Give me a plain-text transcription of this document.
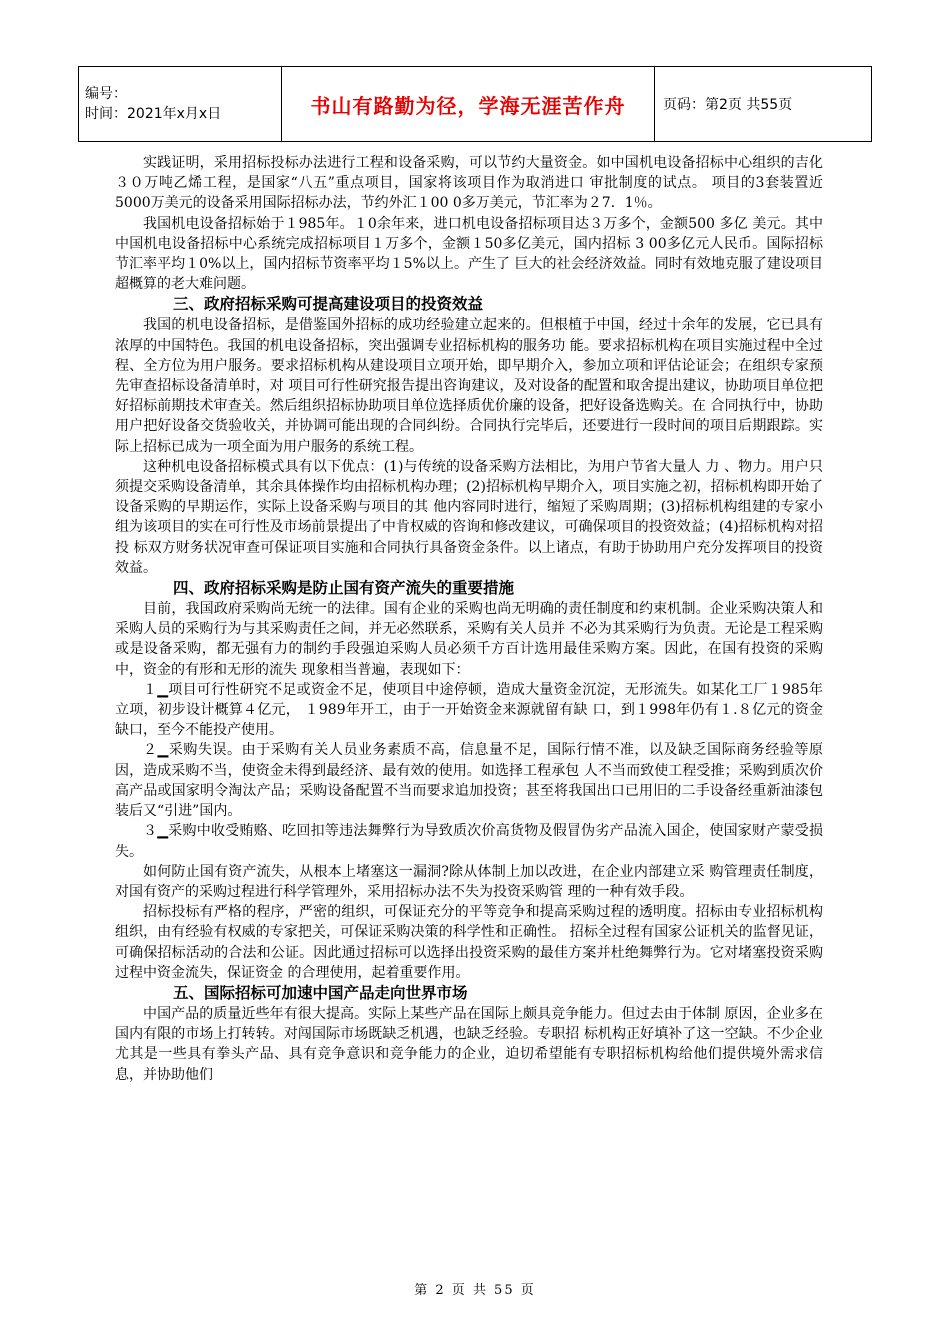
编号：
时间：2021年x月x日	书山有路勤为径，学海无涯苦作舟	页码：第2页 共55页

实践证明，采用招标投标办法进行工程和设备采购，可以节约大量资金。如中国机电设备招标中心组织的吉化３０万吨乙烯工程，是国家“八五”重点项目，国家将该项目作为取消进口 审批制度的试点。 项目的3套装置近5000万美元的设备采用国际招标办法，节约外汇１00 0多万美元，节汇率为２7．1％。

我国机电设备招标始于１985年。１0余年来，进口机电设备招标项目达３万多个，金额500 多亿 美元。其中中国机电设备招标中心系统完成招标项目１万多个，金额１50多亿美元，国内招标 3 00多亿元人民币。国际招标节汇率平均１0%以上，国内招标节资率平均１5%以上。产生了 巨大的社会经济效益。同时有效地克服了建设项目超概算的老大难问题。

三、政府招标采购可提高建设项目的投资效益

我国的机电设备招标，是借鉴国外招标的成功经验建立起来的。但根植于中国，经过十余年的发展，它已具有浓厚的中国特色。我国的机电设备招标，突出强调专业招标机构的服务功 能。要求招标机构在项目实施过程中全过程、全方位为用户服务。要求招标机构从建设项目立项开始，即早期介入，参加立项和评估论证会；在组织专家预先审查招标设备清单时，对 项目可行性研究报告提出咨询建议，及对设备的配置和取舍提出建议，协助项目单位把好招标前期技术审查关。然后组织招标协助项目单位选择质优价廉的设备，把好设备选购关。在 合同执行中，协助用户把好设备交货验收关，并协调可能出现的合同纠纷。合同执行完毕后，还要进行一段时间的项目后期跟踪。实际上招标已成为一项全面为用户服务的系统工程。

这种机电设备招标模式具有以下优点：(1)与传统的设备采购方法相比，为用户节省大量人 力 、物力。用户只须提交采购设备清单，其余具体操作均由招标机构办理；(2)招标机构早期介入，项目实施之初，招标机构即开始了设备采购的早期运作，实际上设备采购与项目的其 他内容同时进行，缩短了采购周期；(3)招标机构组建的专家小组为该项目的实在可行性及市场前景提出了中肯权威的咨询和修改建议，可确保项目的投资效益；(4)招标机构对招投 标双方财务状况审查可保证项目实施和合同执行具备资金条件。以上诸点，有助于协助用户充分发挥项目的投资效益。

四、政府招标采购是防止国有资产流失的重要措施

目前，我国政府采购尚无统一的法律。国有企业的采购也尚无明确的责任制度和约束机制。企业采购决策人和采购人员的采购行为与其采购责任之间，并无必然联系，采购有关人员并 不必为其采购行为负责。无论是工程采购或是设备采购，都无强有力的制约手段强迫采购人员必须千方百计选用最佳采购方案。因此，在国有投资的采购中，资金的有形和无形的流失 现象相当普遍，表现如下：

１▁项目可行性研究不足或资金不足，使项目中途停顿，造成大量资金沉淀，无形流失。如某化工厂１985年立项，初步设计概算４亿元， １989年开工，由于一开始资金来源就留有缺 口，到１998年仍有１.８亿元的资金缺口，至今不能投产使用。

２▁采购失误。由于采购有关人员业务素质不高，信息量不足，国际行情不准，以及缺乏国际商务经验等原因，造成采购不当，使资金未得到最经济、最有效的使用。如选择工程承包 人不当而致使工程受推；采购到质次价高产品或国家明令淘汰产品；采购设备配置不当而要求追加投资；甚至将我国出口已用旧的二手设备经重新油漆包装后又“引进”国内。

３▁采购中收受贿赂、吃回扣等违法舞弊行为导致质次价高货物及假冒伪劣产品流入国企，使国家财产蒙受损失。

如何防止国有资产流失，从根本上堵塞这一漏洞?除从体制上加以改进，在企业内部建立采 购管理责任制度，对国有资产的采购过程进行科学管理外，采用招标办法不失为投资采购管 理的一种有效手段。

招标投标有严格的程序，严密的组织，可保证充分的平等竞争和提高采购过程的透明度。招标由专业招标机构组织，由有经验有权威的专家把关，可保证采购决策的科学性和正确性。 招标全过程有国家公证机关的监督见证，可确保招标活动的合法和公证。因此通过招标可以选择出投资采购的最佳方案并杜绝舞弊行为。它对堵塞投资采购过程中资金流失，保证资金 的合理使用，起着重要作用。

五、国际招标可加速中国产品走向世界市场

中国产品的质量近些年有很大提高。实际上某些产品在国际上颇具竞争能力。但过去由于体制 原因，企业多在国内有限的市场上打转转。对闯国际市场既缺乏机遇，也缺乏经验。专职招 标机构正好填补了这一空缺。不少企业尤其是一些具有拳头产品、具有竞争意识和竞争能力的企业，迫切希望能有专职招标机构给他们提供境外需求信息，并协助他们

第 2 页 共 55 页
